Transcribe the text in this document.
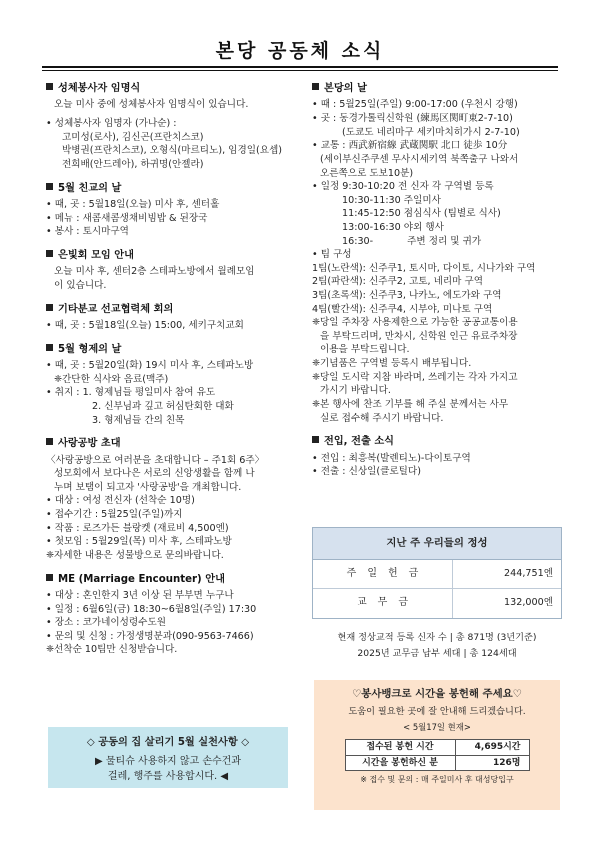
본당 공동체 소식
성체봉사자 임명식
오늘 미사 중에 성체봉사자 임명식이 있습니다.
• 성체봉사자 임명자 (가나순) :
고미성(로사), 김신곤(프란치스코)
박병권(프란치스코), 오형식(마르티노), 임경일(요셉)
전희배(안드레아), 하귀명(안젤라)
5월 친교의 날
• 때, 곳 : 5월18일(오늘) 미사 후, 센터홀
• 메뉴 : 새콤새콤생채비빔밥 & 된장국
• 봉사 : 토시마구역
은빛회 모임 안내
오늘 미사 후, 센터2층 스테파노방에서 월례모임
이 있습니다.
기타분교 선교협력체 회의
• 때, 곳 : 5월18일(오늘) 15:00, 세키구치교회
5월 형제의 날
• 때, 곳 : 5월20일(화) 19시 미사 후, 스테파노방
❈간단한 식사와 음료(맥주)
• 취지 : 1. 형제님들 평일미사 참여 유도
2. 신부님과 깊고 허심탄회한 대화
3. 형제님들 간의 친목
사랑공방 초대
〈사랑공방으로 여러분을 초대합니다 – 주1회 6주〉
성모회에서 보다나은 서로의 신앙생활을 함께 나
누며 보탬이 되고자 '사랑공방'을 개최합니다.
• 대상 : 여성 전신자 (선착순 10명)
• 접수기간 : 5월25일(주일)까지
• 작품 : 로즈가든 블랑켓 (재료비 4,500엔)
• 첫모임 : 5월29일(목) 미사 후, 스테파노방
❈자세한 내용은 성물방으로 문의바랍니다.
ME (Marriage Encounter) 안내
• 대상 : 혼인한지 3년 이상 된 부부면 누구나
• 일정 : 6월6일(금) 18:30~6월8일(주일) 17:30
• 장소 : 코가네이성령수도원
• 문의 및 신청 : 가정생명분과(090-9563-7466)
❈선착순 10팀만 신청받습니다.
◇ 공동의 집 살리기 5월 실천사항 ◇
▶ 물티슈 사용하지 않고 손수건과
걸레, 행주를 사용합시다. ◀
본당의 날
• 때 : 5월25일(주일) 9:00-17:00 (우천시 강행)
• 곳 : 동경가톨릭신학원 (練馬区関町東2-7-10)
(도쿄도 네리마구 세키마치히가시 2-7-10)
• 교통 : 西武新宿線 武蔵関駅 北口 徒歩 10分
(세이부신주쿠센 무사시세키역 북쪽출구 나와서
오른쪽으로 도보10분)
• 일정 9:30-10:20 전 신자 각 구역별 등록
10:30-11:30 주일미사
11:45-12:50 점심식사 (팀별로 식사)
13:00-16:30 야외 행사
16:30-	주변 정리 및 귀가
• 팀 구성
1팀(노란색): 신주쿠1, 토시마, 다이토, 시나가와 구역
2팀(파란색): 신주쿠2, 고토, 네리마 구역
3팀(초록색): 신주쿠3, 나카노, 에도가와 구역
4팀(빨간색): 신주쿠4, 시부야, 미나토 구역
❈당일 주차장 사용제한으로 가능한 공공교통이용
을 부탁드리며, 만차시, 신학원 인근 유료주차장
이용을 부탁드립니다.
❈기념품은 구역별 등록시 배부됩니다.
❈당일 도시락 지참 바라며, 쓰레기는 각자 가지고
가시기 바랍니다.
❈본 행사에 찬조 기부를 해 주실 분께서는 사무
실로 접수해 주시기 바랍니다.
전입, 전출 소식
• 전입 : 최흥복(발렌티노)-다이토구역
• 전출 : 신상일(클로틸다)
지난 주 우리들의 정성
주일헌금	244,751엔
교무금	132,000엔
현재 정상교적 등록 신자 수 | 총 871명 (3년기준)
2025년 교무금 납부 세대 | 총 124세대
♡봉사뱅크로 시간을 봉헌해 주세요♡
도움이 필요한 곳에 잘 안내해 드리겠습니다.
< 5월17일 현재>
접수된 봉헌 시간	4,695시간
시간을 봉헌하신 분	126명
※ 접수 및 문의 : 매 주일미사 후 대성당입구
